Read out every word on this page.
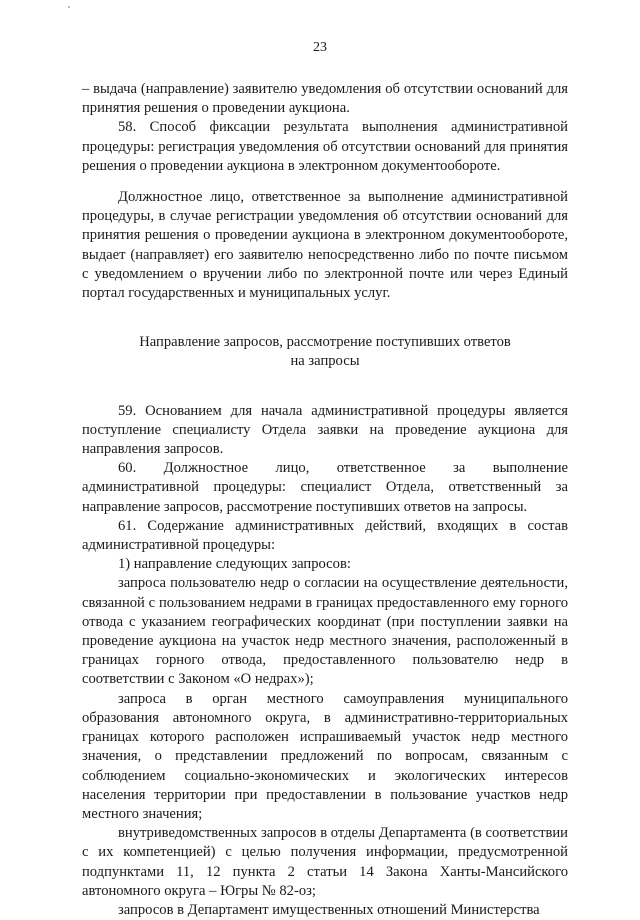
23

– выдача (направление) заявителю уведомления об отсутствии оснований для принятия решения о проведении аукциона.

58. Способ фиксации результата выполнения административной процедуры: регистрация уведомления об отсутствии оснований для принятия решения о проведении аукциона в электронном документообороте.

Должностное лицо, ответственное за выполнение административной процедуры, в случае регистрации уведомления об отсутствии оснований для принятия решения о проведении аукциона в электронном документообороте, выдает (направляет) его заявителю непосредственно либо по почте письмом с уведомлением о вручении либо по электронной почте или через Единый портал государственных и муниципальных услуг.

Направление запросов, рассмотрение поступивших ответов
на запросы

59. Основанием для начала административной процедуры является поступление специалисту Отдела заявки на проведение аукциона для направления запросов.

60. Должностное лицо, ответственное за выполнение административной процедуры: специалист Отдела, ответственный за направление запросов, рассмотрение поступивших ответов на запросы.

61. Содержание административных действий, входящих в состав административной процедуры:

1) направление следующих запросов:

запроса пользователю недр о согласии на осуществление деятельности, связанной с пользованием недрами в границах предоставленного ему горного отвода с указанием географических координат (при поступлении заявки на проведение аукциона на участок недр местного значения, расположенный в границах горного отвода, предоставленного пользователю недр в соответствии с Законом «О недрах»);

запроса в орган местного самоуправления муниципального образования автономного округа, в административно-территориальных границах которого расположен испрашиваемый участок недр местного значения, о представлении предложений по вопросам, связанным с соблюдением социально-экономических и экологических интересов населения территории при предоставлении в пользование участков недр местного значения;

внутриведомственных запросов в отделы Департамента (в соответствии с их компетенцией) с целью получения информации, предусмотренной подпунктами 11, 12 пункта 2 статьи 14 Закона Ханты-Мансийского автономного округа – Югры № 82-оз;

запросов в Департамент имущественных отношений Министерства
